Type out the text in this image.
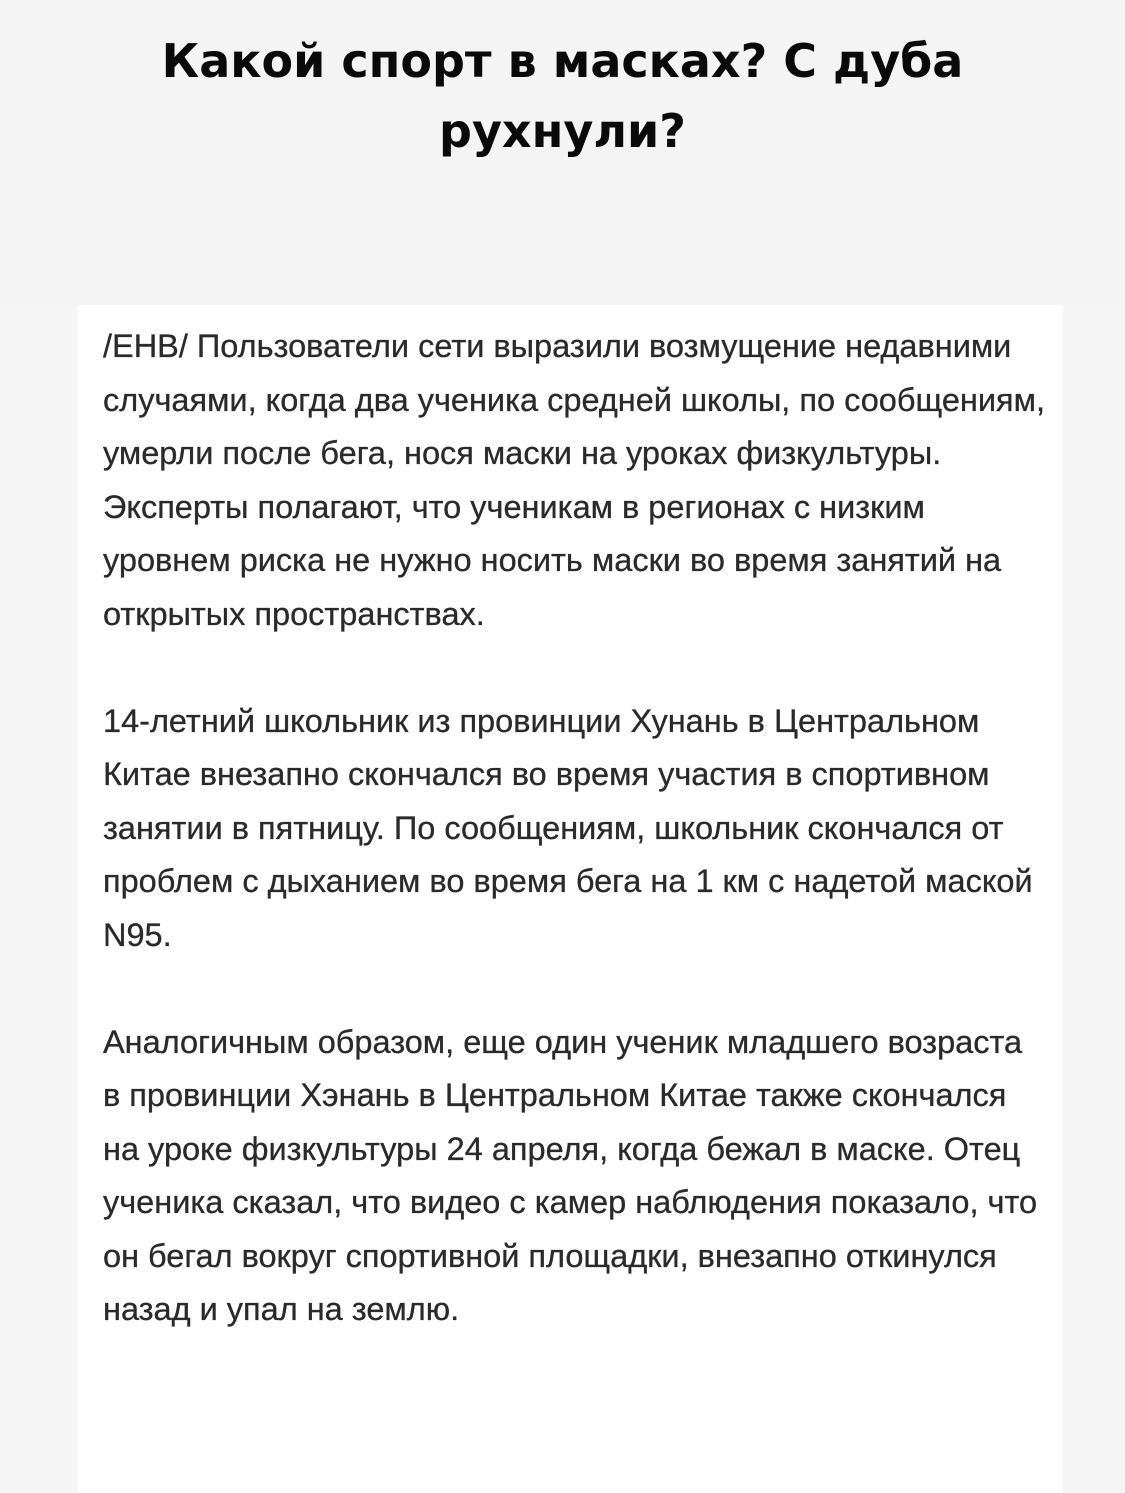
Какой спорт в масках? С дуба рухнули?

/ЕНВ/ Пользователи сети выразили возмущение недавними случаями, когда два ученика средней школы, по сообщениям, умерли после бега, нося маски на уроках физкультуры. Эксперты полагают, что ученикам в регионах с низким уровнем риска не нужно носить маски во время занятий на открытых пространствах.

14-летний школьник из провинции Хунань в Центральном Китае внезапно скончался во время участия в спортивном занятии в пятницу. По сообщениям, школьник скончался от проблем с дыханием во время бега на 1 км с надетой маской N95.

Аналогичным образом, еще один ученик младшего возраста в провинции Хэнань в Центральном Китае также скончался на уроке физкультуры 24 апреля, когда бежал в маске. Отец ученика сказал, что видео с камер наблюдения показало, что он бегал вокруг спортивной площадки, внезапно откинулся назад и упал на землю.
